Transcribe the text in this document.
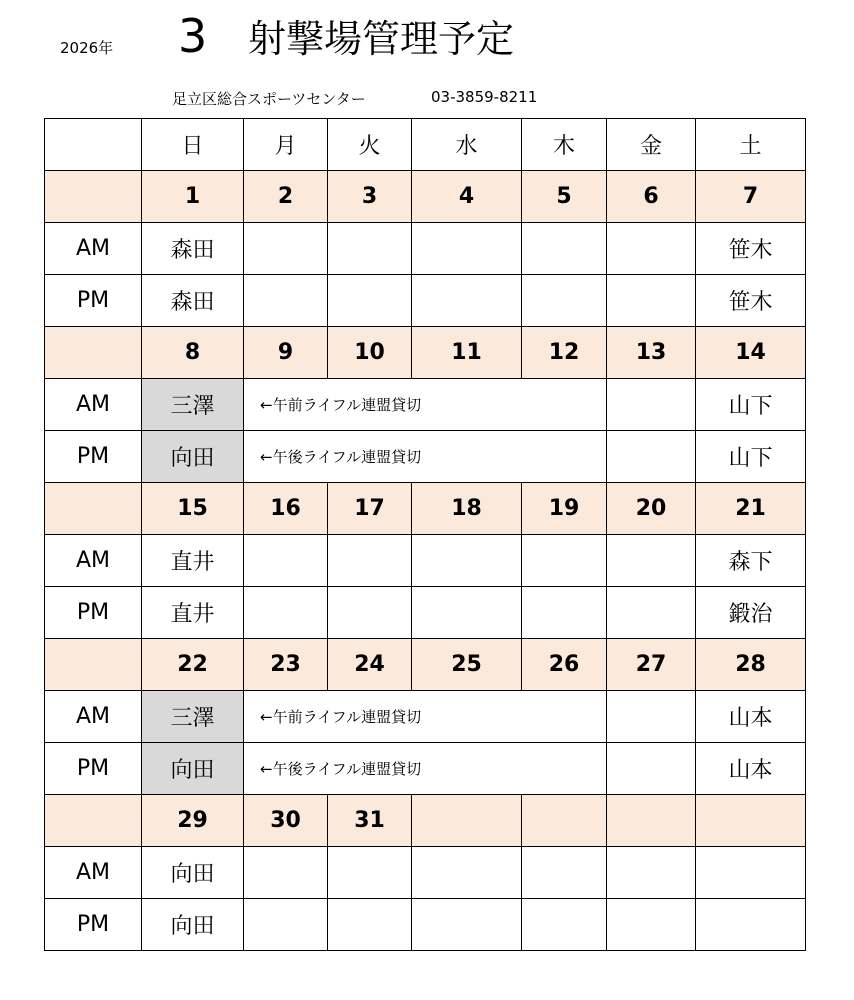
2026年 3 射撃場管理予定
足立区総合スポーツセンター	03-3859-8211
	日	月	火	水	木	金	土
	1	2	3	4	5	6	7
AM	森田						笹木
PM	森田						笹木
	8	9	10	11	12	13	14
AM	三澤	←午前ライフル連盟貸切					山下
PM	向田	←午後ライフル連盟貸切					山下
	15	16	17	18	19	20	21
AM	直井						森下
PM	直井						鍛治
	22	23	24	25	26	27	28
AM	三澤	←午前ライフル連盟貸切					山本
PM	向田	←午後ライフル連盟貸切					山本
	29	30	31				
AM	向田						
PM	向田						
